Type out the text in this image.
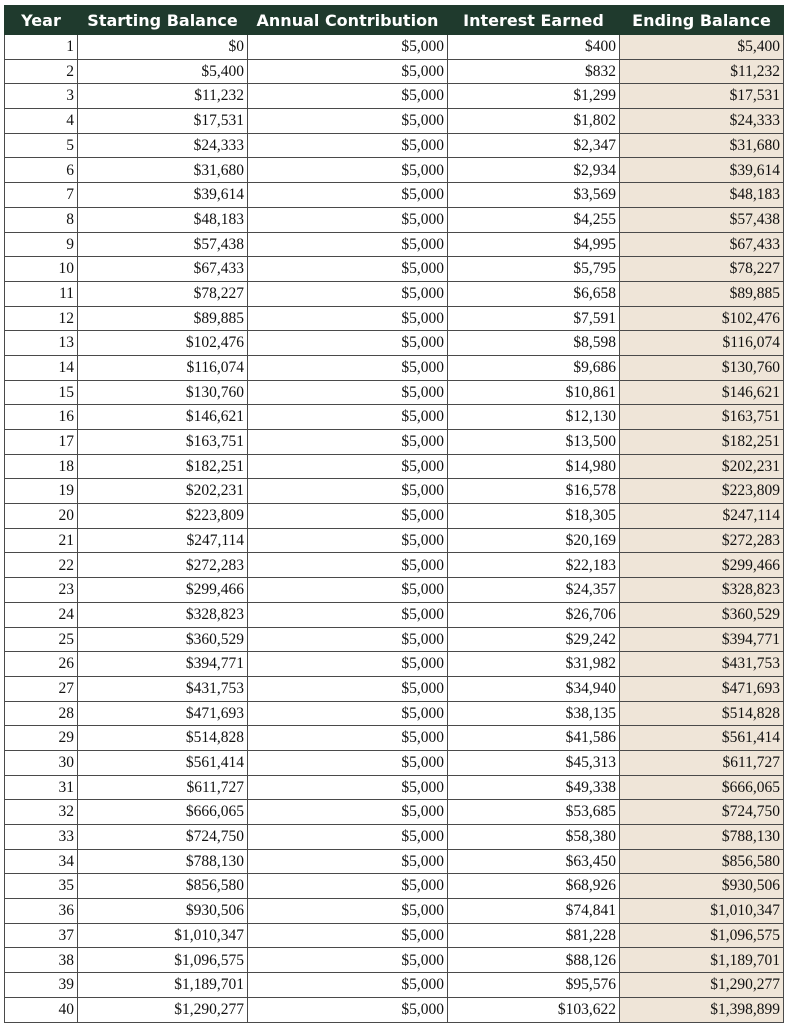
Year	Starting Balance	Annual Contribution	Interest Earned	Ending Balance
1	$0	$5,000	$400	$5,400
2	$5,400	$5,000	$832	$11,232
3	$11,232	$5,000	$1,299	$17,531
4	$17,531	$5,000	$1,802	$24,333
5	$24,333	$5,000	$2,347	$31,680
6	$31,680	$5,000	$2,934	$39,614
7	$39,614	$5,000	$3,569	$48,183
8	$48,183	$5,000	$4,255	$57,438
9	$57,438	$5,000	$4,995	$67,433
10	$67,433	$5,000	$5,795	$78,227
11	$78,227	$5,000	$6,658	$89,885
12	$89,885	$5,000	$7,591	$102,476
13	$102,476	$5,000	$8,598	$116,074
14	$116,074	$5,000	$9,686	$130,760
15	$130,760	$5,000	$10,861	$146,621
16	$146,621	$5,000	$12,130	$163,751
17	$163,751	$5,000	$13,500	$182,251
18	$182,251	$5,000	$14,980	$202,231
19	$202,231	$5,000	$16,578	$223,809
20	$223,809	$5,000	$18,305	$247,114
21	$247,114	$5,000	$20,169	$272,283
22	$272,283	$5,000	$22,183	$299,466
23	$299,466	$5,000	$24,357	$328,823
24	$328,823	$5,000	$26,706	$360,529
25	$360,529	$5,000	$29,242	$394,771
26	$394,771	$5,000	$31,982	$431,753
27	$431,753	$5,000	$34,940	$471,693
28	$471,693	$5,000	$38,135	$514,828
29	$514,828	$5,000	$41,586	$561,414
30	$561,414	$5,000	$45,313	$611,727
31	$611,727	$5,000	$49,338	$666,065
32	$666,065	$5,000	$53,685	$724,750
33	$724,750	$5,000	$58,380	$788,130
34	$788,130	$5,000	$63,450	$856,580
35	$856,580	$5,000	$68,926	$930,506
36	$930,506	$5,000	$74,841	$1,010,347
37	$1,010,347	$5,000	$81,228	$1,096,575
38	$1,096,575	$5,000	$88,126	$1,189,701
39	$1,189,701	$5,000	$95,576	$1,290,277
40	$1,290,277	$5,000	$103,622	$1,398,899
